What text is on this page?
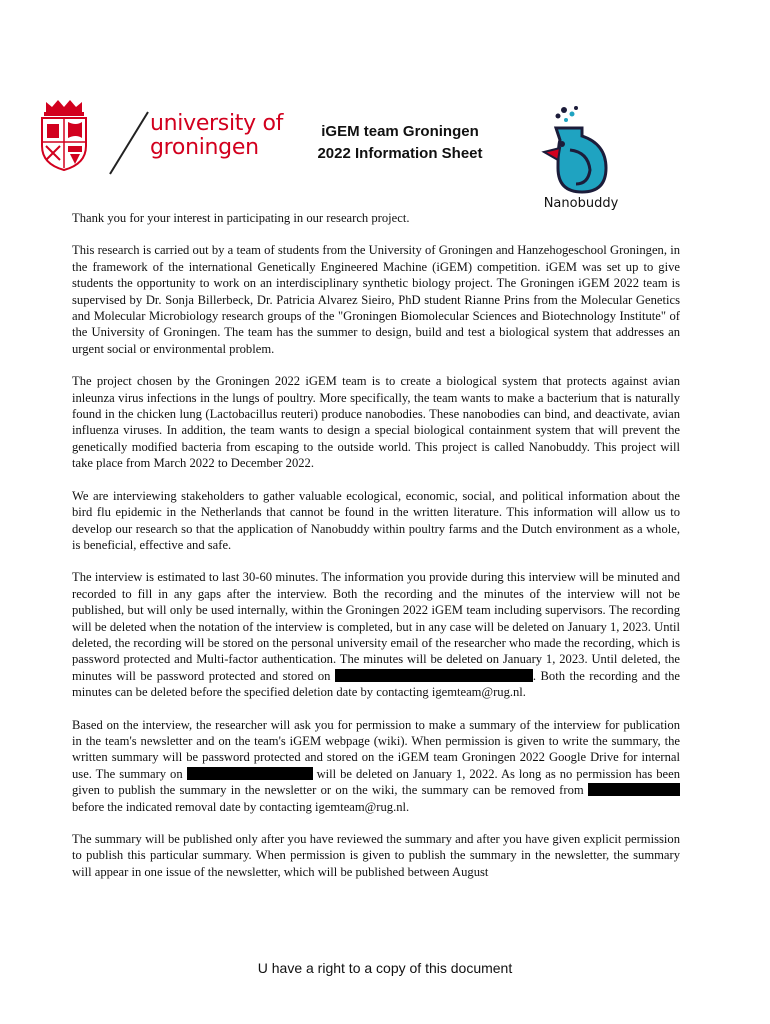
university of
groningen
iGEM team Groningen
2022 Information Sheet
Nanobuddy

Thank you for your interest in participating in our research project.

This research is carried out by a team of students from the University of Groningen and Hanzehogeschool Groningen, in the framework of the international Genetically Engineered Machine (iGEM) competition. iGEM was set up to give students the opportunity to work on an interdisciplinary synthetic biology project. The Groningen iGEM 2022 team is supervised by Dr. Sonja Billerbeck, Dr. Patricia Alvarez Sieiro, PhD student Rianne Prins from the Molecular Genetics and Molecular Microbiology research groups of the "Groningen Biomolecular Sciences and Biotechnology Institute" of the University of Groningen. The team has the summer to design, build and test a biological system that addresses an urgent social or environmental problem.

The project chosen by the Groningen 2022 iGEM team is to create a biological system that protects against avian inleunza virus infections in the lungs of poultry. More specifically, the team wants to make a bacterium that is naturally found in the chicken lung (Lactobacillus reuteri) produce nanobodies. These nanobodies can bind, and deactivate, avian influenza viruses. In addition, the team wants to design a special biological containment system that will prevent the genetically modified bacteria from escaping to the outside world. This project is called Nanobuddy. This project will take place from March 2022 to December 2022.

We are interviewing stakeholders to gather valuable ecological, economic, social, and political information about the bird flu epidemic in the Netherlands that cannot be found in the written literature. This information will allow us to develop our research so that the application of Nanobuddy within poultry farms and the Dutch environment as a whole, is beneficial, effective and safe.

The interview is estimated to last 30-60 minutes. The information you provide during this interview will be minuted and recorded to fill in any gaps after the interview. Both the recording and the minutes of the interview will not be published, but will only be used internally, within the Groningen 2022 iGEM team including supervisors. The recording will be deleted when the notation of the interview is completed, but in any case will be deleted on January 1, 2023. Until deleted, the recording will be stored on the personal university email of the researcher who made the recording, which is password protected and Multi-factor authentication. The minutes will be deleted on January 1, 2023. Until deleted, the minutes will be password protected and stored on	. Both the recording and the minutes can be deleted before the specified deletion date by contacting igemteam@rug.nl.

Based on the interview, the researcher will ask you for permission to make a summary of the interview for publication in the team's newsletter and on the team's iGEM webpage (wiki). When permission is given to write the summary, the written summary will be password protected and stored on the iGEM team Groningen 2022 Google Drive for internal use. The summary on	will be deleted on January 1, 2022. As long as no permission has been given to publish the summary in the newsletter or on the wiki, the summary can be removed from  before the indicated removal date by contacting igemteam@rug.nl.

The summary will be published only after you have reviewed the summary and after you have given explicit permission to publish this particular summary. When permission is given to publish the summary in the newsletter, the summary will appear in one issue of the newsletter, which will be published between August

U have a right to a copy of this document
